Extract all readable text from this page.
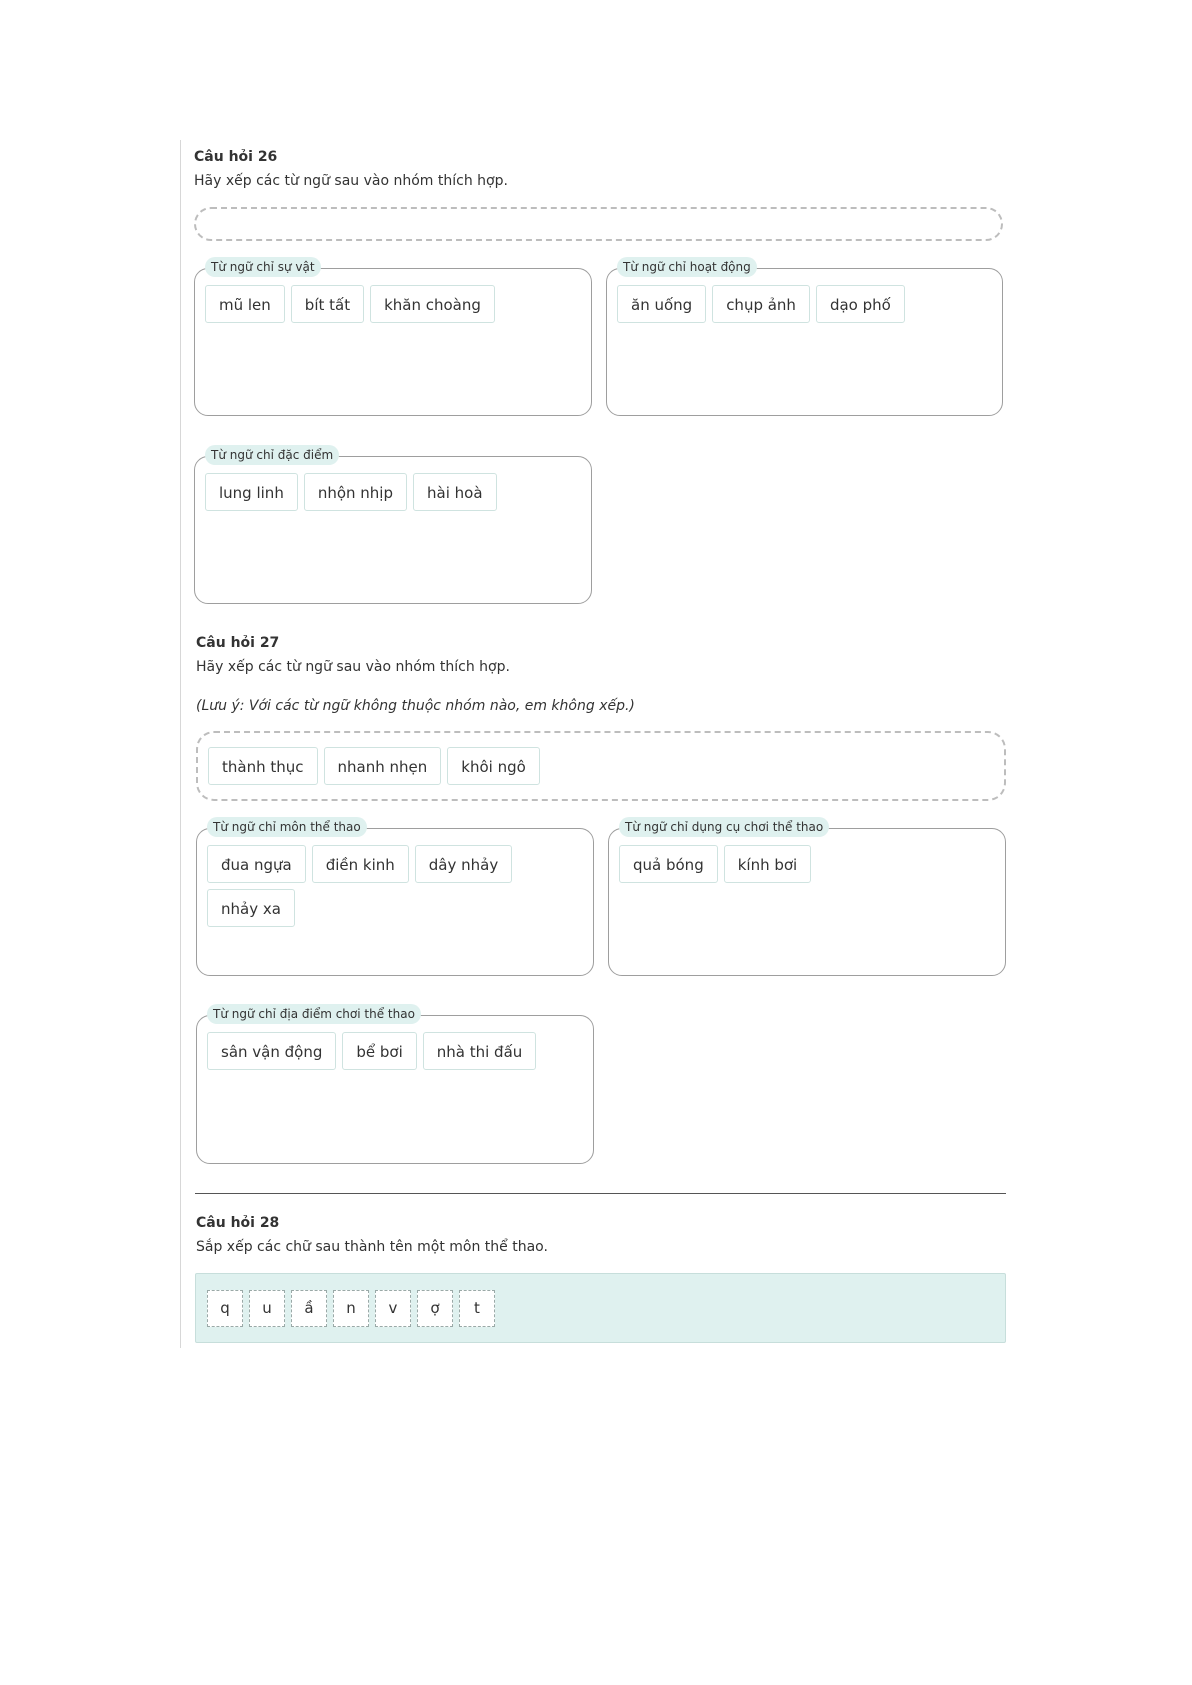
Câu hỏi 26
Hãy xếp các từ ngữ sau vào nhóm thích hợp.
Từ ngữ chỉ sự vật
mũ len	bít tất	khăn choàng
Từ ngữ chỉ hoạt động
ăn uống	chụp ảnh	dạo phố
Từ ngữ chỉ đặc điểm
lung linh	nhộn nhịp	hài hoà
Câu hỏi 27
Hãy xếp các từ ngữ sau vào nhóm thích hợp.
(Lưu ý: Với các từ ngữ không thuộc nhóm nào, em không xếp.)
thành thục	nhanh nhẹn	khôi ngô
Từ ngữ chỉ môn thể thao
đua ngựa	điền kinh	dây nhảy
nhảy xa
Từ ngữ chỉ dụng cụ chơi thể thao
quả bóng	kính bơi
Từ ngữ chỉ địa điểm chơi thể thao
sân vận động	bể bơi	nhà thi đấu
Câu hỏi 28
Sắp xếp các chữ sau thành tên một môn thể thao.
q	u	ầ	n	v	ợ	t
